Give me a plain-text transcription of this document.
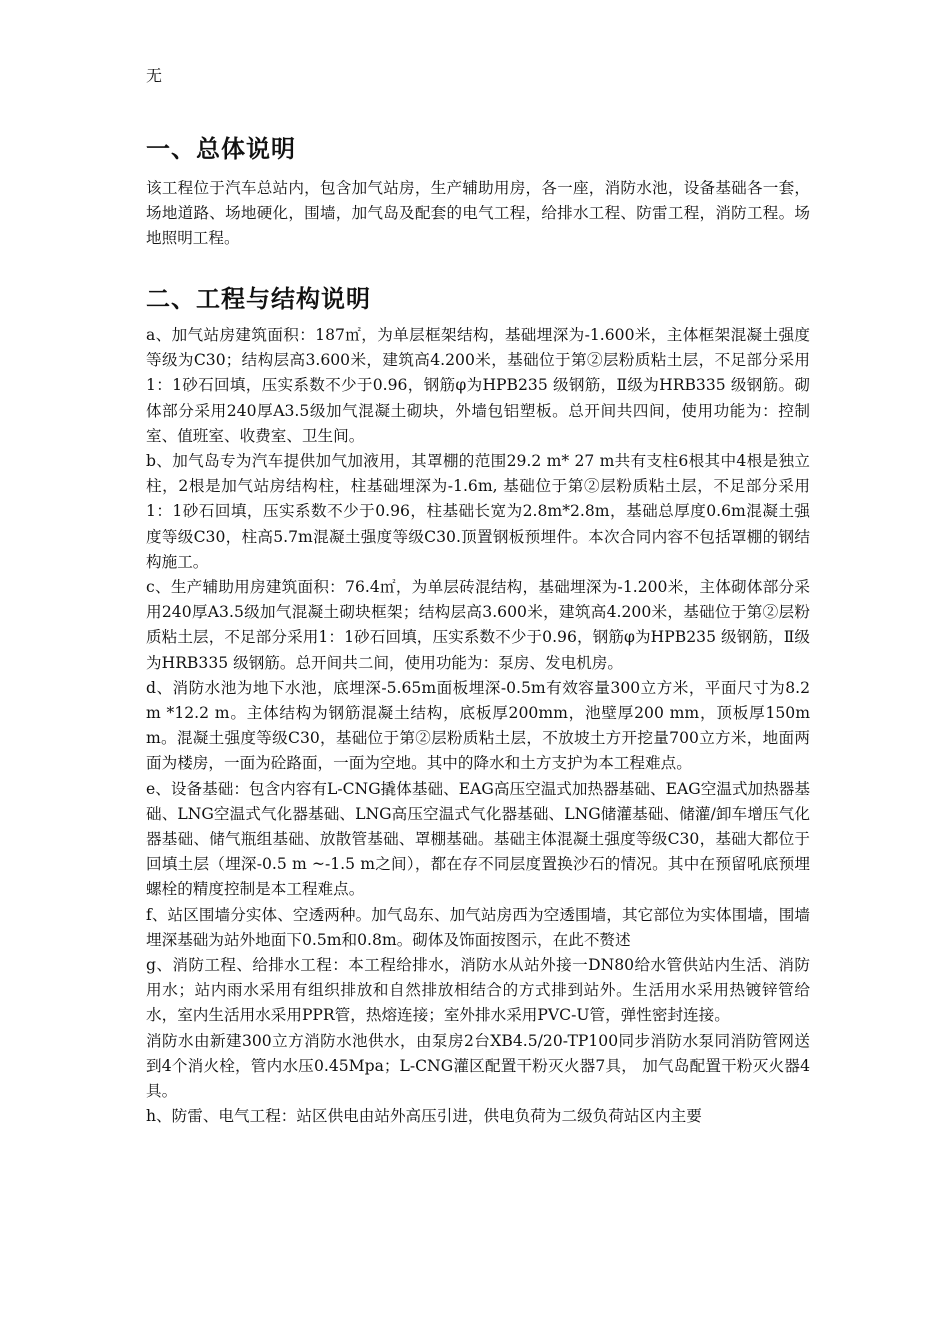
无
一、总体说明

该工程位于汽车总站内，包含加气站房，生产辅助用房，各一座，消防水池，设备基础各一套，场地道路、场地硬化，围墙，加气岛及配套的电气工程，给排水工程、防雷工程，消防工程。场地照明工程。

二、工程与结构说明

a、加气站房建筑面积：187㎡，为单层框架结构，基础埋深为-1.600米，主体框架混凝土强度等级为C30；结构层高3.600米，建筑高4.200米，基础位于第②层粉质粘土层，不足部分采用1：1砂石回填，压实系数不少于0.96，钢筋φ为HPB235 级钢筋，Ⅱ级为HRB335 级钢筋。砌体部分采用240厚A3.5级加气混凝土砌块，外墙包铝塑板。总开间共四间，使用功能为：控制室、值班室、收费室、卫生间。

b、加气岛专为汽车提供加气加液用，其罩棚的范围29.2 m* 27 m共有支柱6根其中4根是独立柱，2根是加气站房结构柱，柱基础埋深为-1.6m, 基础位于第②层粉质粘土层，不足部分采用1：1砂石回填，压实系数不少于0.96，柱基础长宽为2.8m*2.8m，基础总厚度0.6m混凝土强度等级C30，柱高5.7m混凝土强度等级C30.顶置钢板预埋件。本次合同内容不包括罩棚的钢结构施工。

c、生产辅助用房建筑面积：76.4㎡，为单层砖混结构，基础埋深为-1.200米，主体砌体部分采用240厚A3.5级加气混凝土砌块框架；结构层高3.600米，建筑高4.200米，基础位于第②层粉质粘土层，不足部分采用1：1砂石回填，压实系数不少于0.96，钢筋φ为HPB235 级钢筋，Ⅱ级为HRB335 级钢筋。总开间共二间，使用功能为：泵房、发电机房。

d、消防水池为地下水池，底埋深-5.65m面板埋深-0.5m有效容量300立方米，平面尺寸为8.2 m *12.2 m。主体结构为钢筋混凝土结构，底板厚200mm，池壁厚200 mm，顶板厚150mm。混凝土强度等级C30，基础位于第②层粉质粘土层，不放坡土方开挖量700立方米，地面两面为楼房，一面为砼路面，一面为空地。其中的降水和土方支护为本工程难点。

e、设备基础：包含内容有L-CNG撬体基础、EAG高压空温式加热器基础、EAG空温式加热器基础、LNG空温式气化器基础、LNG高压空温式气化器基础、LNG储灌基础、储灌/卸车增压气化器基础、储气瓶组基础、放散管基础、罩棚基础。基础主体混凝土强度等级C30，基础大都位于回填土层（埋深-0.5 m ~-1.5 m之间），都在存不同层度置换沙石的情况。其中在预留吼底预埋螺栓的精度控制是本工程难点。

f、站区围墙分实体、空透两种。加气岛东、加气站房西为空透围墙，其它部位为实体围墙，围墙埋深基础为站外地面下0.5m和0.8m。砌体及饰面按图示，在此不赘述

g、消防工程、给排水工程：本工程给排水，消防水从站外接一DN80给水管供站内生活、消防用水；站内雨水采用有组织排放和自然排放相结合的方式排到站外。生活用水采用热镀锌管给水，室内生活用水采用PPR管，热熔连接；室外排水采用PVC-U管，弹性密封连接。

消防水由新建300立方消防水池供水，由泵房2台XB4.5/20-TP100同步消防水泵同消防管网送到4个消火栓，管内水压0.45Mpa；L-CNG灌区配置干粉灭火器7具， 加气岛配置干粉灭火器4具。

h、防雷、电气工程：站区供电由站外高压引进，供电负荷为二级负荷站区内主要
